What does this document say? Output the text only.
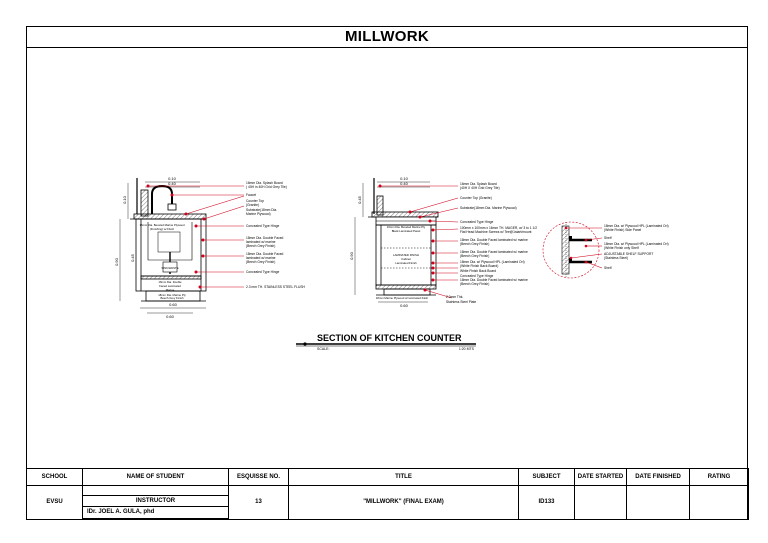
MILLWORK
0.10
0.40
0.60
0.60
0.90
0.10
0.45
16mm Dia. Beveled Marine Plywood
(Finishing) w/ Flush
SINK/WASTE
16mm Dia. Double
Faced Laminated
Marine
18mm Dia. Marine Ply
Beech Grey Finish
16mm Dia. Splash Board
( 40H in 40H Grid Grey Tile)
Faucet
Counter Top
(Granite)
Substrate(18mm Dia.
Marine Plywood)
Concealed Type Hinge
18mm Dia. Double Faced
laminated w/ marine
(Beech Grey Finish)
18mm Dia. Double Faced
laminated w/ marine
(Beech Grey Finish)
Concealed Type Hinge
2.3 mm TH. STAINLESS STEEL FLUSH
0.10
0.40
0.60
0.90
0.45
16mm Dia. Beveled Marine Ply
Black Laminated Panel
LAMINATED FINISH
Cabinet
Laminated Finish
18mm Marine Plywood w/ laminated finish
16mm Dia. Splash Board
(40H X 40H Grid Grey Tile)
Counter Top (Granite)
Substrate(18mm Dia. Marine Plywood)
Concealed Type Hinge
100mm x 100mm x 16mm TH. MAGER, w/ 3 to 1 1/2
Flat Head Machine Screws w/ Tee@1start/mount
18mm Dia. Double Faced laminated w/ marine
(Beech Grey Finish)
18mm Dia. Double Faced laminated w/ marine
(Beech Grey Finish)
18mm Dia. w/ Plywood HPL (Laminated Ori)
(White Finish Back Board)
White Finish Back Board
Concealed Type Hinge
18mm Dia. Double Faced laminated w/ marine
(Beech Grey Finish)
2.0mm Thk.
Stainless Steel Plate
18mm Dia. w/ Plywood HPL (Laminated Ori)
(White Finish) Side Panel
Shelf
18mm Dia. w/ Plywood HPL (Laminated Ori)
(White Finish only Shelf
ADJUSTABLE SHELF SUPPORT
(Stainless Steel)
Shelf
SECTION OF KITCHEN COUNTER
SCALE:	1:20 MTS
SCHOOL	NAME OF STUDENT	ESQUISSE NO.	TITLE	SUBJECT	DATE STARTED	DATE FINISHED	RATING
EVSU		13	"MILLWORK" (FINAL EXAM)	ID133			
	INSTRUCTOR						
	lDr. JOEL A. GULA, phd						
